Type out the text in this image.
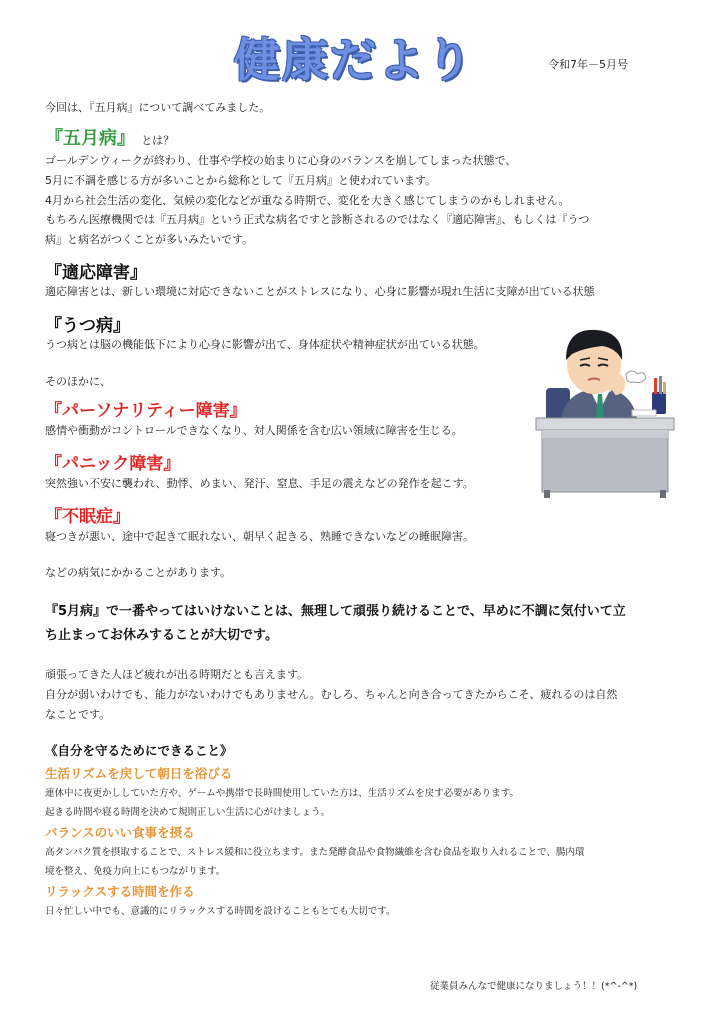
健康だより	令和7年－5月号
今回は、『五月病』について調べてみました。
『五月病』 とは？
ゴールデンウィークが終わり、仕事や学校の始まりに心身のバランスを崩してしまった状態で、
5月に不調を感じる方が多いことから総称として『五月病』と使われています。
4月から社会生活の変化、気候の変化などが重なる時期で、変化を大きく感じてしまうのかもしれません。
もちろん医療機関では『五月病』という正式な病名ですと診断されるのではなく『適応障害』、もしくは『うつ
病』と病名がつくことが多いみたいです。
『適応障害』
適応障害とは、新しい環境に対応できないことがストレスになり、心身に影響が現れ生活に支障が出ている状態
『うつ病』
うつ病とは脳の機能低下により心身に影響が出て、身体症状や精神症状が出ている状態。
そのほかに、
『パーソナリティー障害』
感情や衝動がコントロールできなくなり、対人関係を含む広い領域に障害を生じる。
『パニック障害』
突然強い不安に襲われ、動悸、めまい、発汗、窒息、手足の震えなどの発作を起こす。
『不眠症』
寝つきが悪い、途中で起きて眠れない、朝早く起きる、熟睡できないなどの睡眠障害。
などの病気にかかることがあります。
『5月病』で一番やってはいけないことは、無理して頑張り続けることで、早めに不調に気付いて立
ち止まってお休みすることが大切です。
頑張ってきた人ほど疲れが出る時期だとも言えます。
自分が弱いわけでも、能力がないわけでもありません。むしろ、ちゃんと向き合ってきたからこそ、疲れるのは自然
なことです。
《自分を守るためにできること》
生活リズムを戻して朝日を浴びる
連休中に夜更かししていた方や、ゲームや携帯で長時間使用していた方は、生活リズムを戻す必要があります。
起きる時間や寝る時間を決めて規則正しい生活に心がけましょう。
バランスのいい食事を摂る
高タンパク質を摂取することで、ストレス緩和に役立ちます。また発酵食品や食物繊維を含む食品を取り入れることで、腸内環
境を整え、免疫力向上にもつながります。
リラックスする時間を作る
日々忙しい中でも、意識的にリラックスする時間を設けることもとても大切です。
従業員みんなで健康になりましょう！！(*^-^*)
